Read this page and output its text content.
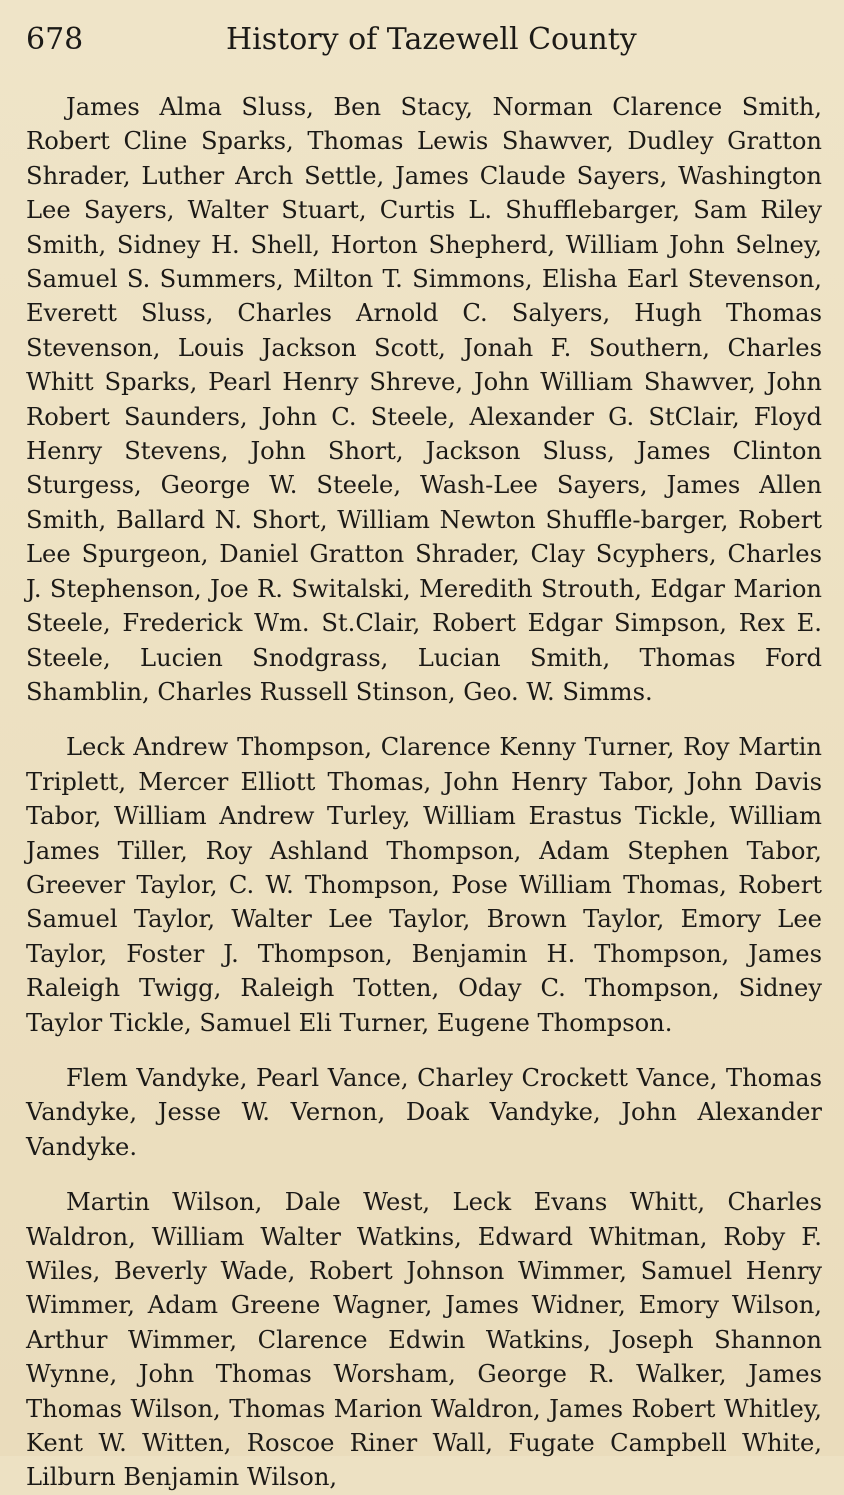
678	History of Tazewell County

James Alma Sluss, Ben Stacy, Norman Clarence Smith, Robert Cline Sparks, Thomas Lewis Shawver, Dudley Gratton Shrader, Luther Arch Settle, James Claude Sayers, Washington Lee Sayers, Walter Stuart, Curtis L. Shufflebarger, Sam Riley Smith, Sidney H. Shell, Horton Shepherd, William John Selney, Samuel S. Summers, Milton T. Simmons, Elisha Earl Stevenson, Everett Sluss, Charles Arnold C. Salyers, Hugh Thomas Stevenson, Louis Jackson Scott, Jonah F. Southern, Charles Whitt Sparks, Pearl Henry Shreve, John William Shawver, John Robert Saunders, John C. Steele, Alexander G. StClair, Floyd Henry Stevens, John Short, Jackson Sluss, James Clinton Sturgess, George W. Steele, Wash-Lee Sayers, James Allen Smith, Ballard N. Short, William Newton Shuffle-barger, Robert Lee Spurgeon, Daniel Gratton Shrader, Clay Scyphers, Charles J. Stephenson, Joe R. Switalski, Meredith Strouth, Edgar Marion Steele, Frederick Wm. St.Clair, Robert Edgar Simpson, Rex E. Steele, Lucien Snodgrass, Lucian Smith, Thomas Ford Shamblin, Charles Russell Stinson, Geo. W. Simms.

Leck Andrew Thompson, Clarence Kenny Turner, Roy Martin Triplett, Mercer Elliott Thomas, John Henry Tabor, John Davis Tabor, William Andrew Turley, William Erastus Tickle, William James Tiller, Roy Ashland Thompson, Adam Stephen Tabor, Greever Taylor, C. W. Thompson, Pose William Thomas, Robert Samuel Taylor, Walter Lee Taylor, Brown Taylor, Emory Lee Taylor, Foster J. Thompson, Benjamin H. Thompson, James Raleigh Twigg, Raleigh Totten, Oday C. Thompson, Sidney Taylor Tickle, Samuel Eli Turner, Eugene Thompson.

Flem Vandyke, Pearl Vance, Charley Crockett Vance, Thomas Vandyke, Jesse W. Vernon, Doak Vandyke, John Alexander Vandyke.

Martin Wilson, Dale West, Leck Evans Whitt, Charles Waldron, William Walter Watkins, Edward Whitman, Roby F. Wiles, Beverly Wade, Robert Johnson Wimmer, Samuel Henry Wimmer, Adam Greene Wagner, James Widner, Emory Wilson, Arthur Wimmer, Clarence Edwin Watkins, Joseph Shannon Wynne, John Thomas Worsham, George R. Walker, James Thomas Wilson, Thomas Marion Waldron, James Robert Whitley, Kent W. Witten, Roscoe Riner Wall, Fugate Campbell White, Lilburn Benjamin Wilson,
